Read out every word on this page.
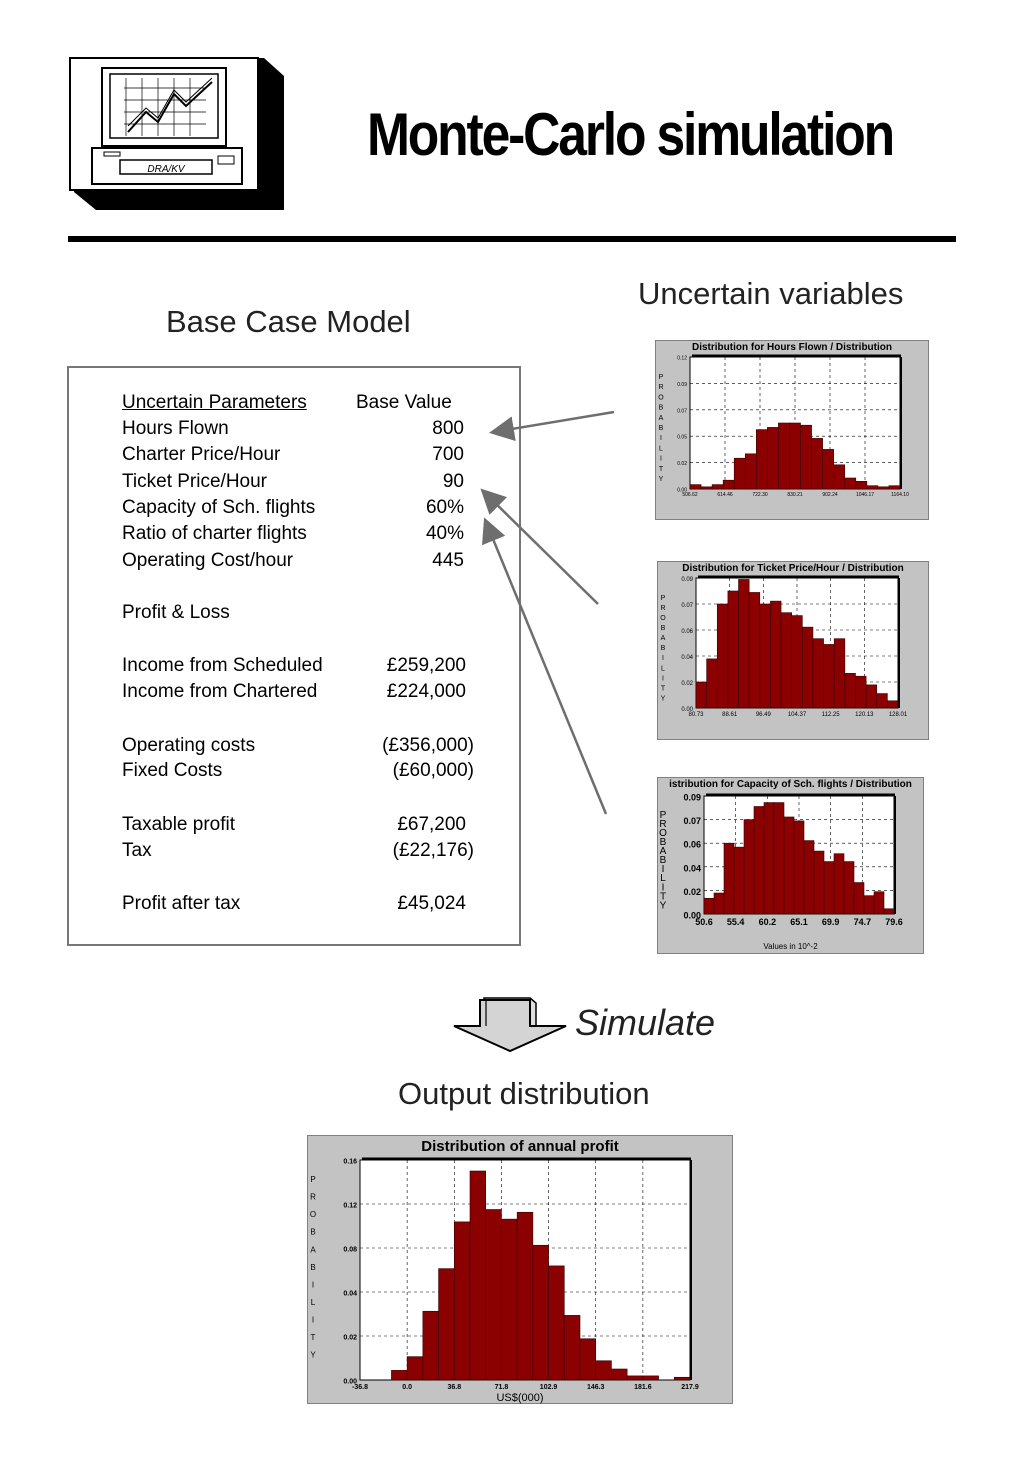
DRA/KV
Monte-Carlo simulation
Uncertain variables
Base Case Model
Uncertain Parameters	Base Value
Hours Flown	800
Charter Price/Hour	700
Ticket Price/Hour	90
Capacity of Sch. flights	60%
Ratio of charter flights	40%
Operating Cost/hour	445
Profit & Loss
Income from Scheduled	£259,200
Income from Chartered	£224,000
Operating costs	(£356,000)
Fixed Costs	(£60,000)
Taxable profit	£67,200
Tax	(£22,176)
Profit after tax	£45,024
0.12
0.09
0.07
0.05
0.02
0.00
506.62	614.46	722.30	830.21	902.24	1046.17	1164.10
P
R
O
B
A
B
I
L
I
T
Y
Distribution for Hours Flown / Distribution
0.09
0.07
0.06
0.04
0.02
0.00
80.73	88.61	96.49	104.37	112.25	120.13	128.01
P
R
O
B
A
B
I
L
I
T
Y
Distribution for Ticket Price/Hour / Distribution
0.09
0.07
0.06
0.04
0.02
0.00
50.6 55.4 60.2 65.1 69.9 74.7 79.6
P
R
O
B
A
B
I
L
I
T
Y
istribution for Capacity of Sch. flights / Distribution
Values in 10^-2
0.16
0.12
0.08
0.04
0.02
0.00
-36.8	0.0	36.8	71.8	102.9	146.3	181.6	217.9
P
R
O
B
A
B
I
L
I
T
Y
Distribution of annual profit
US$(000)
Simulate
Output distribution
